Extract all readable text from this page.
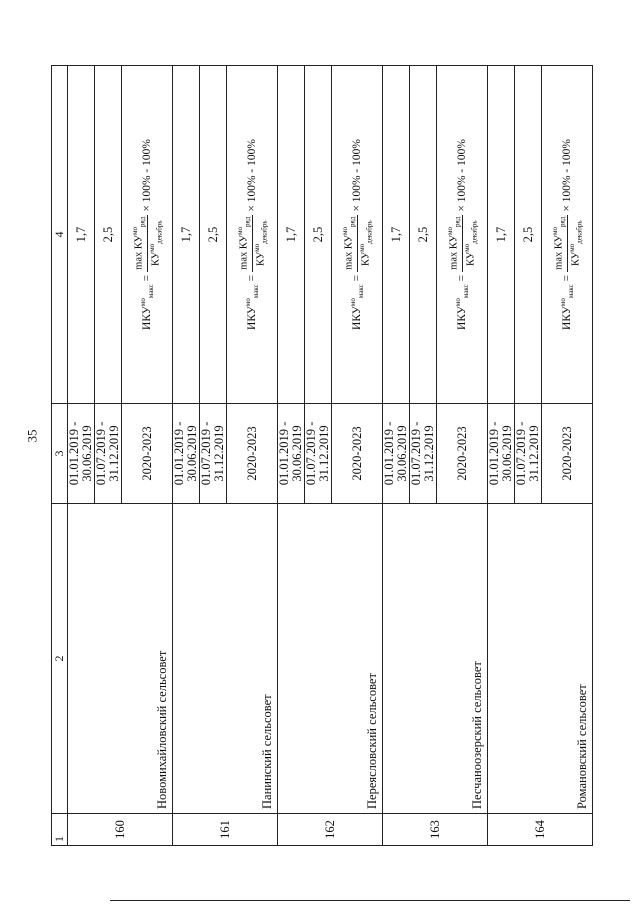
35
1	2	3	4
160	Новомихайловский сельсовет	01.01.2019 - 30.06.2019	1,7
		01.07.2019 - 31.12.2019	2,5
		2020-2023	$ИКУ^{мо}_{макс}$
=
$\max КУ^{мо}_{ряд}$
$КУ^{мо}_{декабрь}$
× 100% - 100%

161	Панинский сельсовет	01.01.2019 - 30.06.2019	1,7
		01.07.2019 - 31.12.2019	2,5
		2020-2023	$ИКУ^{мо}_{макс}$
=
$\max КУ^{мо}_{ряд}$
$КУ^{мо}_{декабрь}$
× 100% - 100%

162	Переясловский сельсовет	01.01.2019 - 30.06.2019	1,7
		01.07.2019 - 31.12.2019	2,5
		2020-2023	$ИКУ^{мо}_{макс}$
=
$\max КУ^{мо}_{ряд}$
$КУ^{мо}_{декабрь}$
× 100% - 100%

163	Песчаноозерский сельсовет	01.01.2019 - 30.06.2019	1,7
		01.07.2019 - 31.12.2019	2,5
		2020-2023	$ИКУ^{мо}_{макс}$
=
$\max КУ^{мо}_{ряд}$
$КУ^{мо}_{декабрь}$
× 100% - 100%

164	Романовский сельсовет	01.01.2019 - 30.06.2019	1,7
		01.07.2019 - 31.12.2019	2,5
		2020-2023	$ИКУ^{мо}_{макс}$
=
$\max КУ^{мо}_{ряд}$
$КУ^{мо}_{декабрь}$
× 100% - 100%
